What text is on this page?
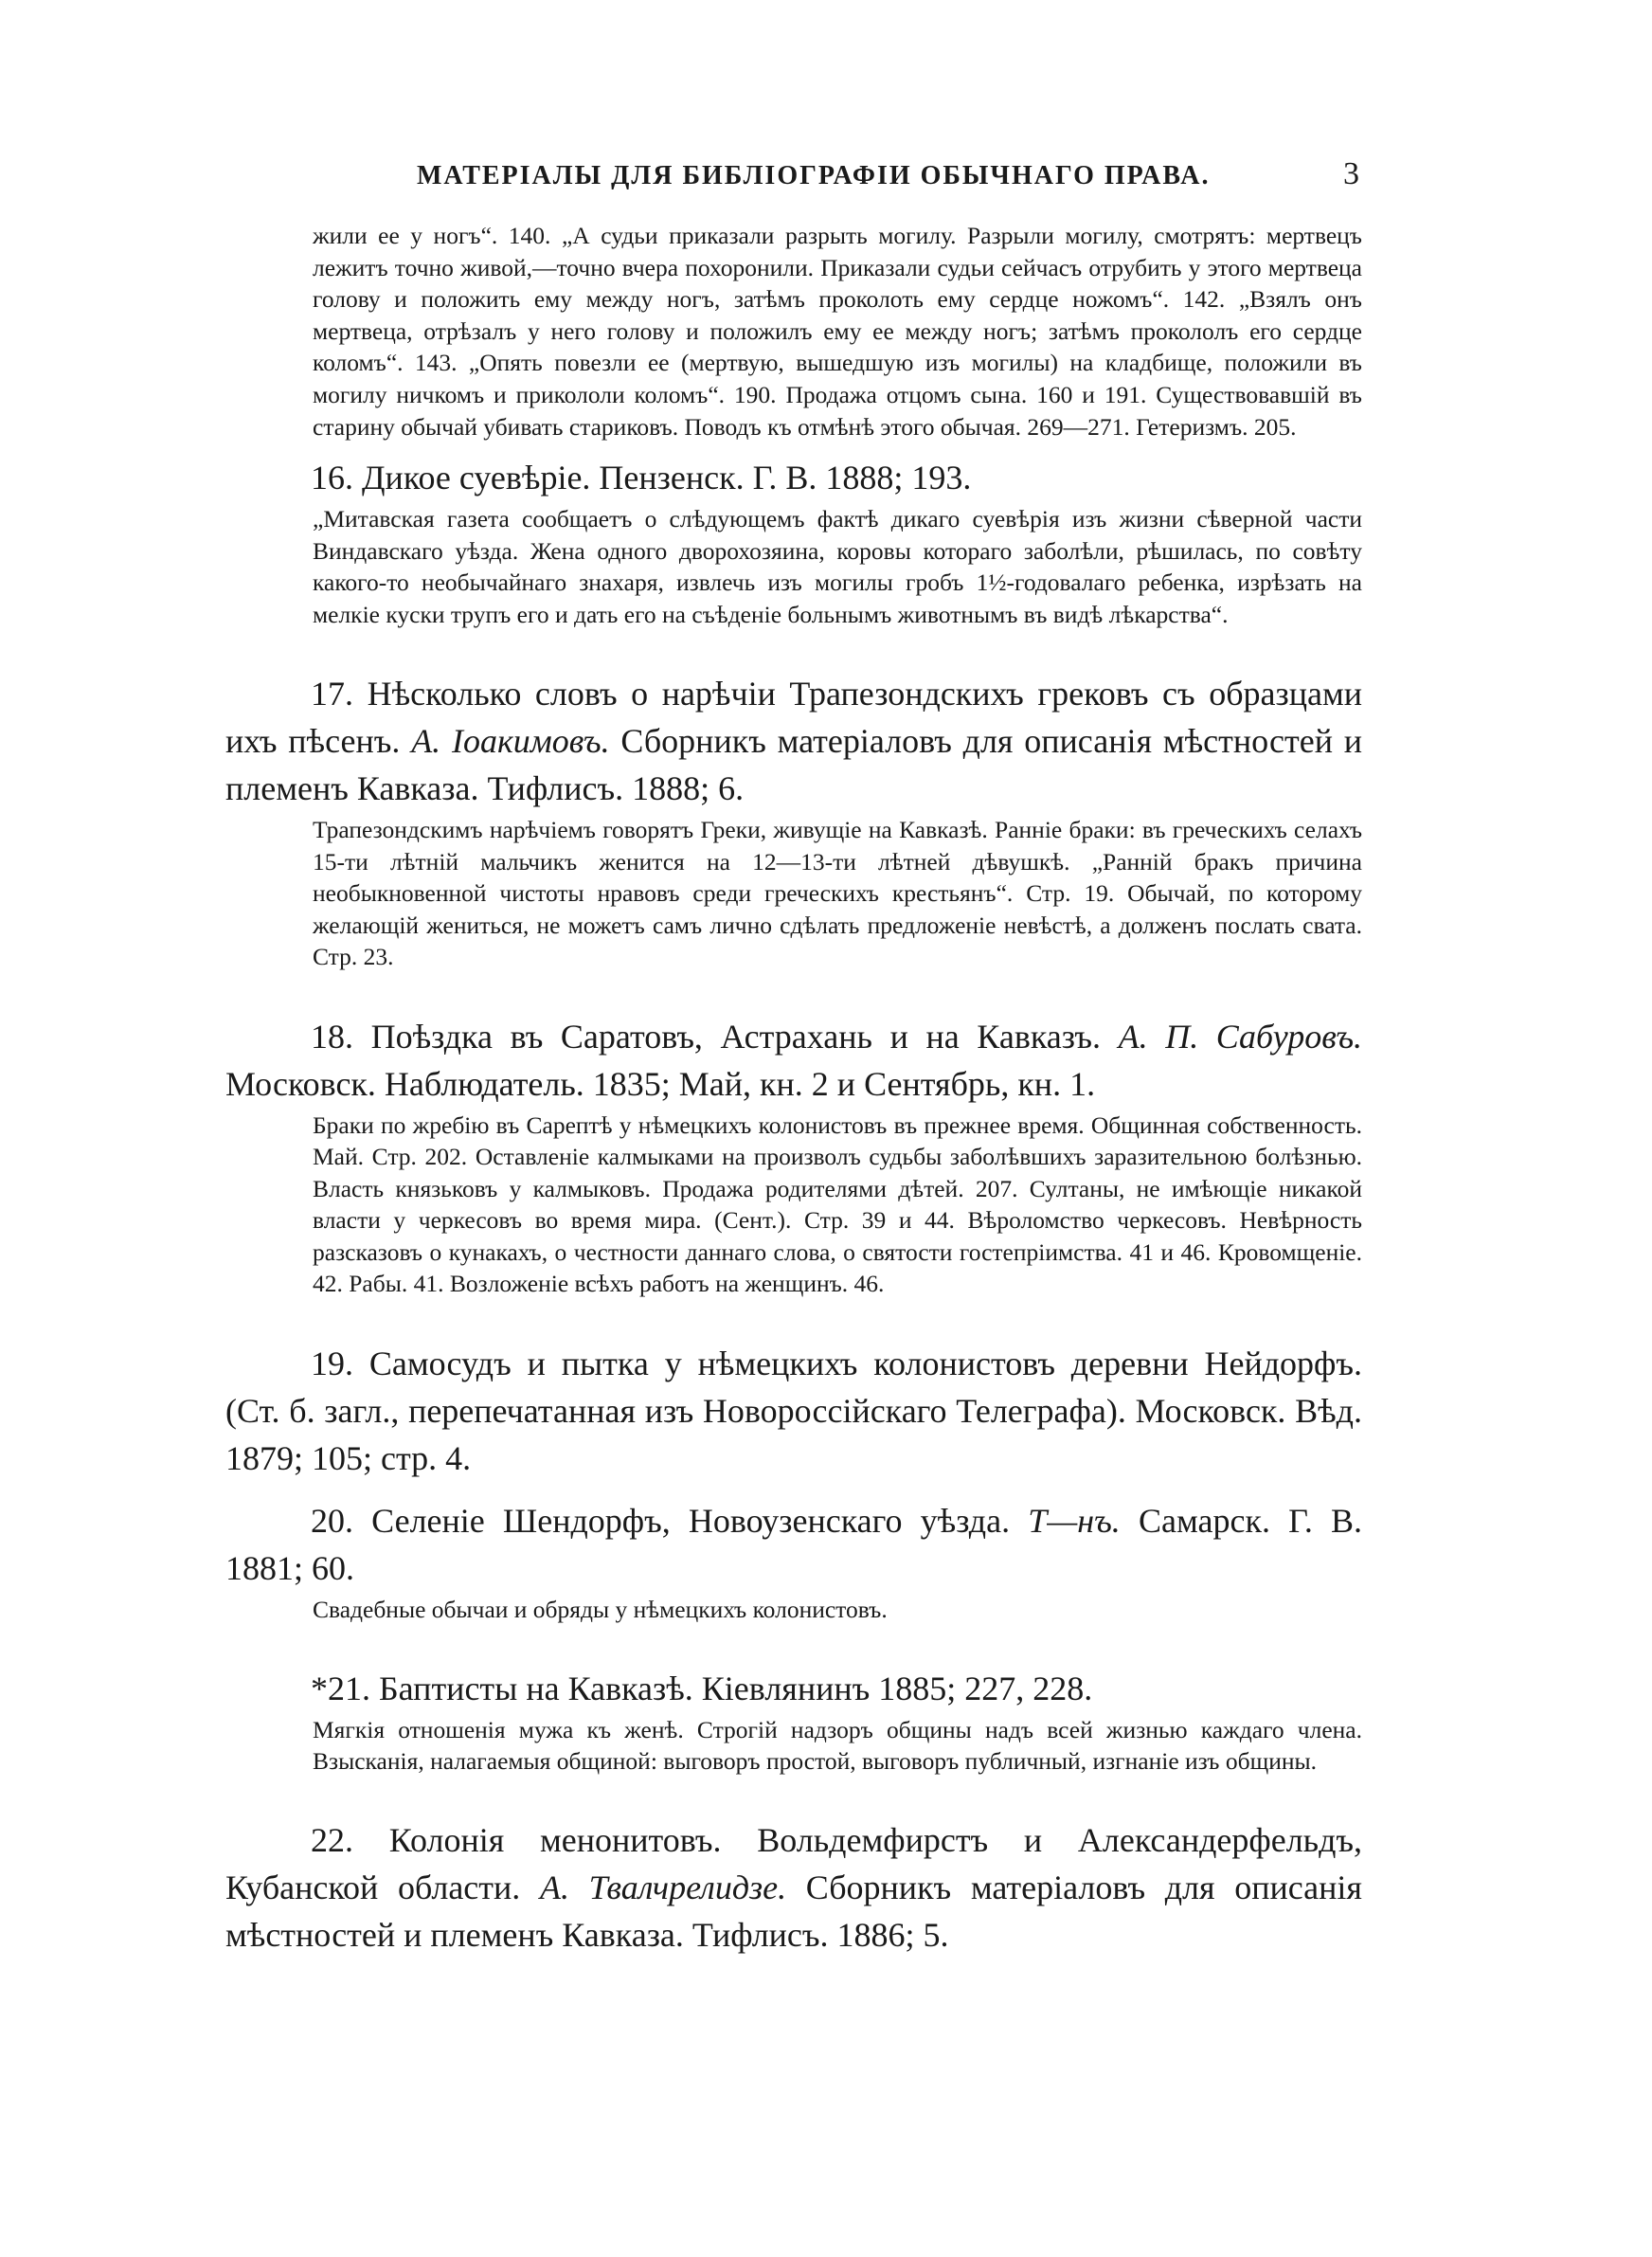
МАТЕРІАЛЫ ДЛЯ БИБЛІОГРАФІИ ОБЫЧНАГО ПРАВА.	3

жили ее у ногъ“. 140. „А судьи приказали разрыть могилу. Разрыли могилу, смотрятъ: мертвецъ лежитъ точно живой,—точно вчера похоронили. Приказали судьи сейчасъ отрубить у этого мертвеца голову и положить ему между ногъ, затѣмъ проколоть ему сердце ножомъ“. 142. „Взялъ онъ мертвеца, отрѣзалъ у него голову и положилъ ему ее между ногъ; затѣмъ прокололъ его сердце коломъ“. 143. „Опять повезли ее (мертвую, вышедшую изъ могилы) на кладбище, положили въ могилу ничкомъ и прикололи коломъ“. 190. Продажа отцомъ сына. 160 и 191. Существовавшій въ старину обычай убивать стариковъ. Поводъ къ отмѣнѣ этого обычая. 269—271. Гетеризмъ. 205.

16. Дикое суевѣріе. Пензенск. Г. В. 1888; 193.

„Митавская газета сообщаетъ о слѣдующемъ фактѣ дикаго суевѣрія изъ жизни сѣверной части Виндавскаго уѣзда. Жена одного дворохозяина, коровы котораго заболѣли, рѣшилась, по совѣту какого-то необычайнаго знахаря, извлечь изъ могилы гробъ 1½-годовалаго ребенка, изрѣзать на мелкіе куски трупъ его и дать его на съѣденіе больнымъ животнымъ въ видѣ лѣкарства“.

17. Нѣсколько словъ о нарѣчіи Трапезондскихъ грековъ съ образцами ихъ пѣсенъ. А. Іоакимовъ. Сборникъ матеріаловъ для описанія мѣстностей и племенъ Кавказа. Тифлисъ. 1888; 6.

Трапезондскимъ нарѣчіемъ говорятъ Греки, живущіе на Кавказѣ. Ранніе браки: въ греческихъ селахъ 15-ти лѣтній мальчикъ женится на 12—13-ти лѣтней дѣвушкѣ. „Ранній бракъ причина необыкновенной чистоты нравовъ среди греческихъ крестьянъ“. Стр. 19. Обычай, по которому желающій жениться, не можетъ самъ лично сдѣлать предложеніе невѣстѣ, а долженъ послать свата. Стр. 23.

18. Поѣздка въ Саратовъ, Астрахань и на Кавказъ. А. П. Сабуровъ. Московск. Наблюдатель. 1835; Май, кн. 2 и Сентябрь, кн. 1.

Браки по жребію въ Сарептѣ у нѣмецкихъ колонистовъ въ прежнее время. Общинная собственность. Май. Стр. 202. Оставленіе калмыками на произволъ судьбы заболѣвшихъ заразительною болѣзнью. Власть князьковъ у калмыковъ. Продажа родителями дѣтей. 207. Султаны, не имѣющіе никакой власти у черкесовъ во время мира. (Сент.). Стр. 39 и 44. Вѣроломство черкесовъ. Невѣрность разсказовъ о кунакахъ, о честности даннаго слова, о святости гостепріимства. 41 и 46. Кровомщеніе. 42. Рабы. 41. Возложеніе всѣхъ работъ на женщинъ. 46.

19. Самосудъ и пытка у нѣмецкихъ колонистовъ деревни Нейдорфъ. (Ст. б. загл., перепечатанная изъ Новороссійскаго Телеграфа). Московск. Вѣд. 1879; 105; стр. 4.

20. Селеніе Шендорфъ, Новоузенскаго уѣзда. Т—нъ. Самарск. Г. В. 1881; 60.

Свадебные обычаи и обряды у нѣмецкихъ колонистовъ.

*21. Баптисты на Кавказѣ. Кіевлянинъ 1885; 227, 228.

Мягкія отношенія мужа къ женѣ. Строгій надзоръ общины надъ всей жизнью каждаго члена. Взысканія, налагаемыя общиной: выговоръ простой, выговоръ публичный, изгнаніе изъ общины.

22. Колонія менонитовъ. Вольдемфирстъ и Александерфельдъ, Кубанской области. А. Твалчрелидзе. Сборникъ матеріаловъ для описанія мѣстностей и племенъ Кавказа. Тифлисъ. 1886; 5.
